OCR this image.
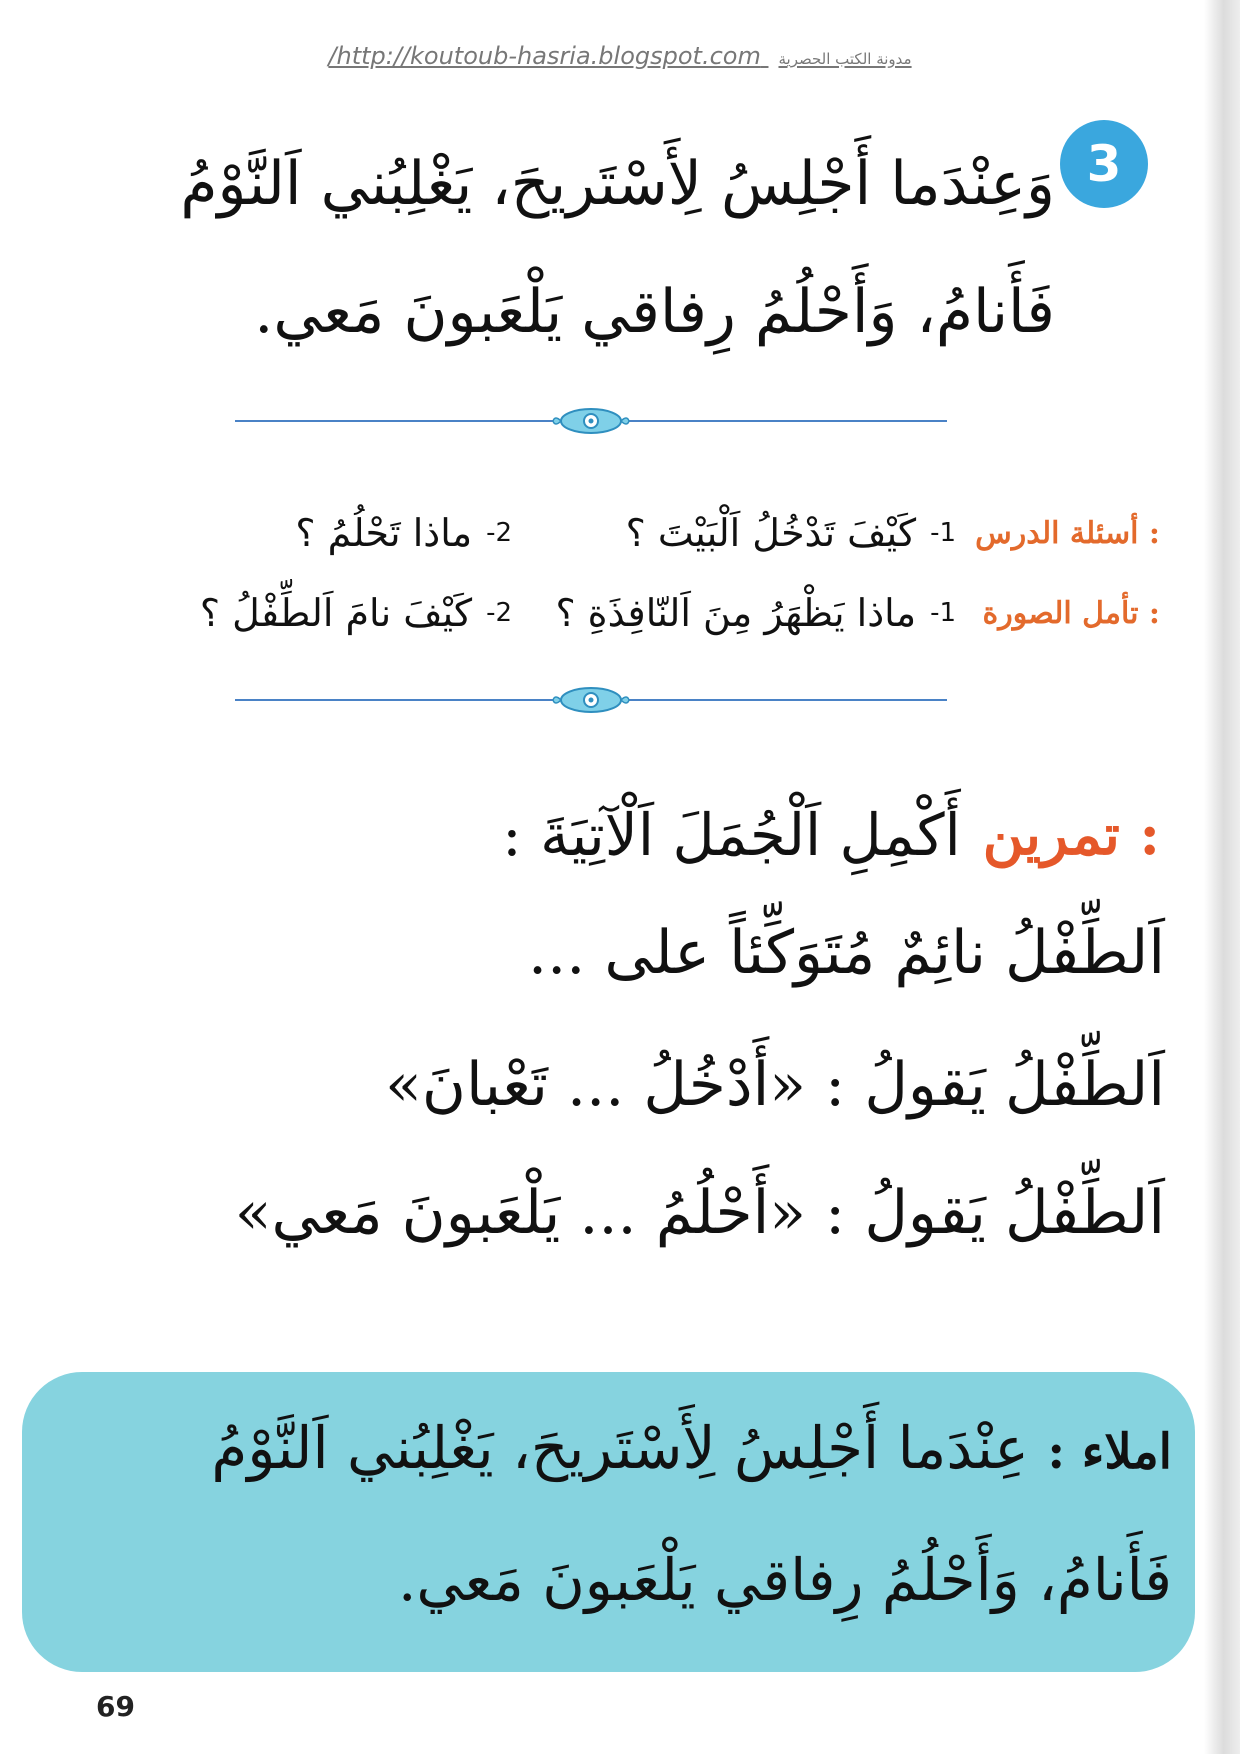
/http://koutoub-hasria.blogspot.com مدونة الكتب الحصرية
3
وَعِنْدَما أَجْلِسُ لِأَسْتَريحَ، يَغْلِبُني اَلنَّوْمُ
فَأَنامُ، وَأَحْلُمُ رِفاقي يَلْعَبونَ مَعي.
أسئلة الدرس :
-1
كَيْفَ تَدْخُلُ اَلْبَيْتَ ؟
-2
ماذا تَحْلُمُ ؟
تأمل الصورة :
-1
ماذا يَظْهَرُ مِنَ اَلنّافِذَةِ ؟
-2
كَيْفَ نامَ اَلطِّفْلُ ؟
تمرين :
أَكْمِلِ اَلْجُمَلَ اَلْآتِيَةَ :
اَلطِّفْلُ نائِمٌ مُتَوَكِّئاً على ...
اَلطِّفْلُ يَقولُ : «أَدْخُلُ ... تَعْبانَ»
اَلطِّفْلُ يَقولُ : «أَحْلُمُ ... يَلْعَبونَ مَعي»
املاء : عِنْدَما أَجْلِسُ لِأَسْتَريحَ، يَغْلِبُني اَلنَّوْمُ
فَأَنامُ، وَأَحْلُمُ رِفاقي يَلْعَبونَ مَعي.
69
